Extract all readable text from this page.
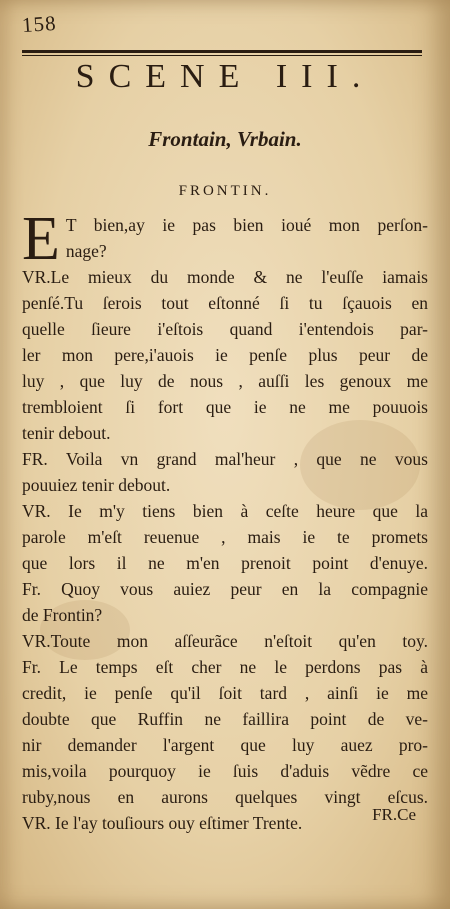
158
SCENE III.
Frontain, Vrbain.
FRONTIN.
E T bien,ay ie pas bien ioué mon perſon-
nage?
VR.Le mieux du monde & ne l'euſſe iamais
penſé.Tu ſerois tout eſtonné ſi tu ſçauois en
quelle ſieure i'eſtois quand i'entendois par-
ler mon pere,i'auois ie penſe plus peur de
luy , que luy de nous , auſſi les genoux me
trembloient ſi fort que ie ne me pouuois
tenir debout.
FR. Voila vn grand mal'heur , que ne vous
pouuiez tenir debout.
VR. Ie m'y tiens bien à ceſte heure que la
parole m'eſt reuenue , mais ie te promets
que lors il ne m'en prenoit point d'enuye.
Fr. Quoy vous auiez peur en la compagnie
de Frontin?
VR.Toute mon aſſeurãce n'eſtoit qu'en toy.
Fr. Le temps eſt cher ne le perdons pas à
credit, ie penſe qu'il ſoit tard , ainſi ie me
doubte que Ruffin ne faillira point de ve-
nir demander l'argent que luy auez pro-
mis,voila pourquoy ie ſuis d'aduis vẽdre ce
ruby,nous en aurons quelques vingt eſcus.
VR. Ie l'ay touſiours ouy eſtimer Trente.	FR.Ce
